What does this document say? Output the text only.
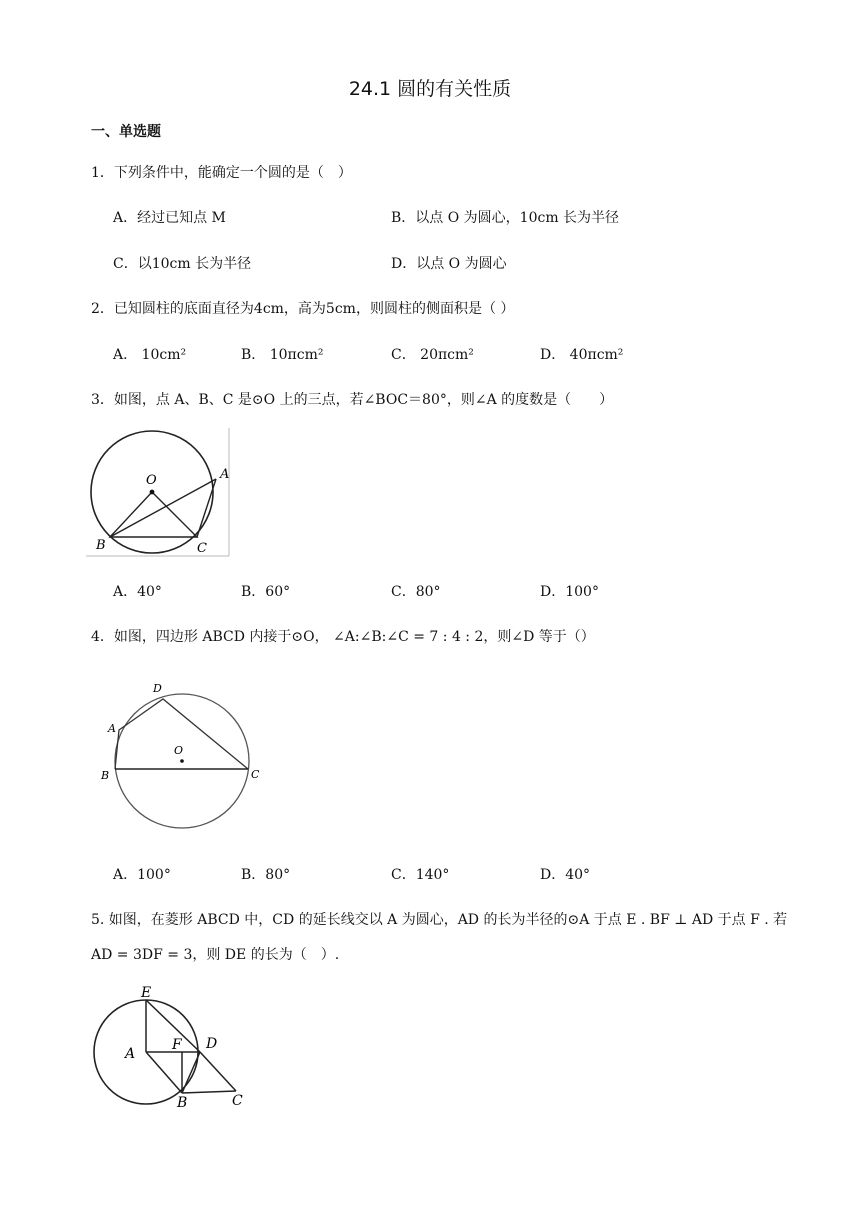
24.1 圆的有关性质
一、单选题
1．下列条件中，能确定一个圆的是（　）
A．经过已知点 M	B．以点 O 为圆心，10cm 长为半径
C．以10cm 长为半径	D．以点 O 为圆心
2．已知圆柱的底面直径为4cm，高为5cm，则圆柱的侧面积是（ ）
A． 10cm²	B． 10πcm²	C． 20πcm²	D． 40πcm²
3．如图，点 A、B、C 是⊙O 上的三点，若∠BOC＝80°，则∠A 的度数是（　　）
O	A
B	C
A．40°	B．60°	C．80°	D．100°
4．如图，四边形 ABCD 内接于⊙O， ∠A:∠B:∠C = 7 : 4 : 2，则∠D 等于（）
D
A
O
B	C
A．100°	B．80°	C．140°	D．40°
5. 如图，在菱形 ABCD 中，CD 的延长线交以 A 为圆心，AD 的长为半径的⊙A 于点 E . BF ⊥ AD 于点 F . 若
AD = 3DF = 3，则 DE 的长为（　）.
E
A
F D
B	C
